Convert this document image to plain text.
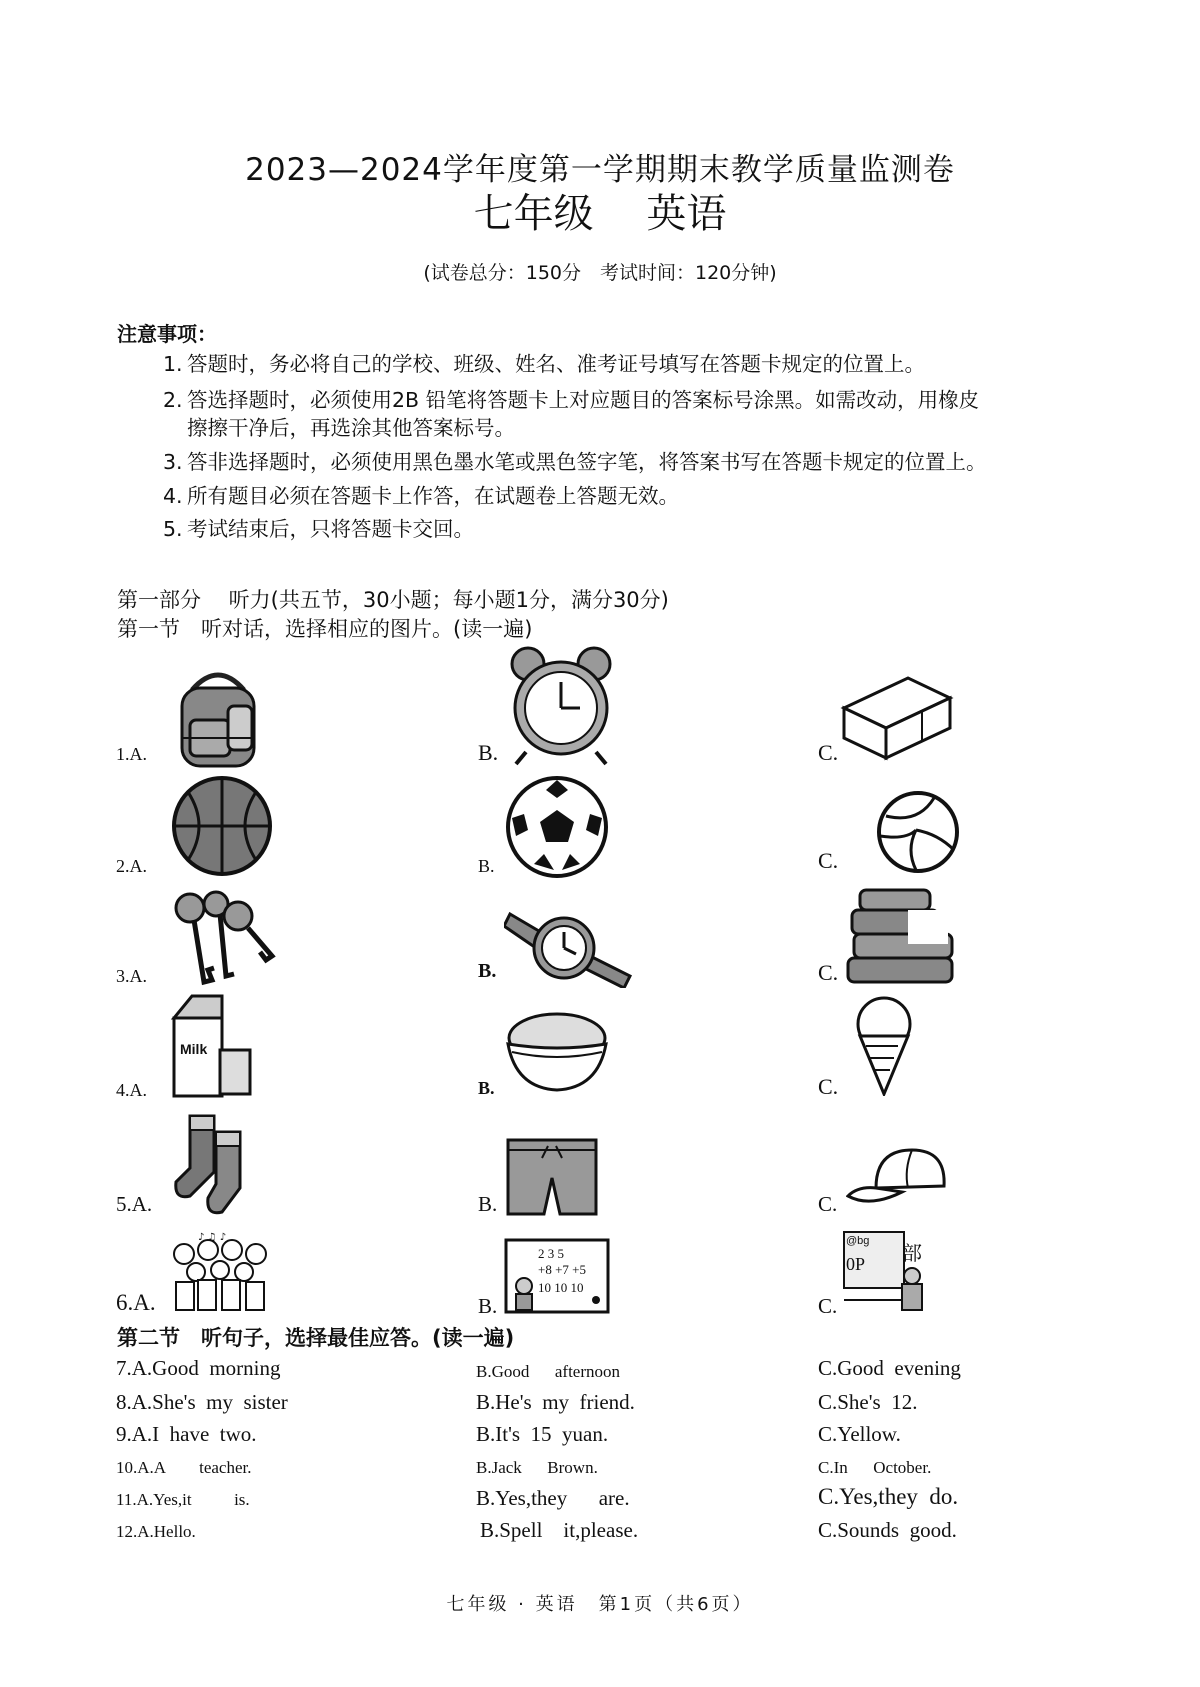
2023—2024学年度第一学期期末教学质量监测卷
七年级 英语
(试卷总分：150分　考试时间：120分钟)
注意事项：
1. 答题时，务必将自己的学校、班级、姓名、准考证号填写在答题卡规定的位置上。
2. 答选择题时，必须使用2B 铅笔将答题卡上对应题目的答案标号涂黑。如需改动，用橡皮
擦擦干净后，再选涂其他答案标号。
3. 答非选择题时，必须使用黑色墨水笔或黑色签字笔，将答案书写在答题卡规定的位置上。
4. 所有题目必须在答题卡上作答，在试题卷上答题无效。
5. 考试结束后，只将答题卡交回。
第一部分　 听力(共五节，30小题；每小题1分，满分30分)
第一节　听对话，选择相应的图片。(读一遍)
1.A.	B.	C.
2.A.	B.	C.
3.A.	B.	C.
4.A.	B.	C.
Milk
5.A.	B.	C.
6.A.	B.	C.
♪ ♫ ♪
2 3 5
+8 +7 +5
10 10 10
@bg
0P 部
第二节　听句子，选择最佳应答。(读一遍)
7.A.Good  morning	B.Good      afternoon	C.Good  evening
8.A.She's  my  sister	B.He's  my  friend.	C.She's  12.
9.A.I  have  two.	B.It's  15  yuan.	C.Yellow.
10.A.A        teacher.	B.Jack      Brown.	C.In      October.
11.A.Yes,it          is.	B.Yes,they      are.	C.Yes,they  do.
12.A.Hello.	B.Spell    it,please.	C.Sounds  good.
七年级 · 英语　第1页（共6页）
